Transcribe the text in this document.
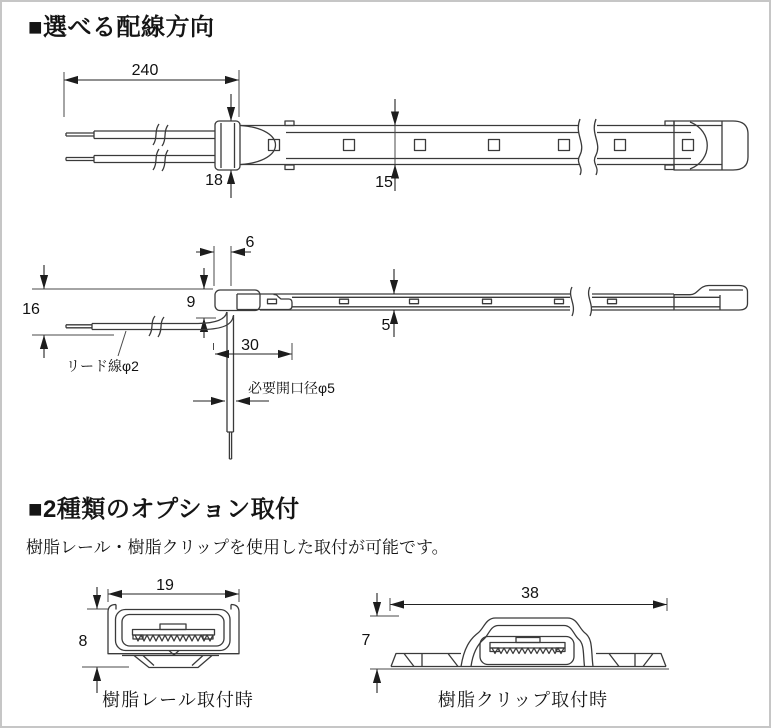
■選べる配線方向
240
18	15
6
16	9
30
5
リード線φ2
必要開口径φ5
■2種類のオプション取付
樹脂レール・樹脂クリップを使用した取付が可能です。
19
8
樹脂レール取付時
38
7
樹脂クリップ取付時
